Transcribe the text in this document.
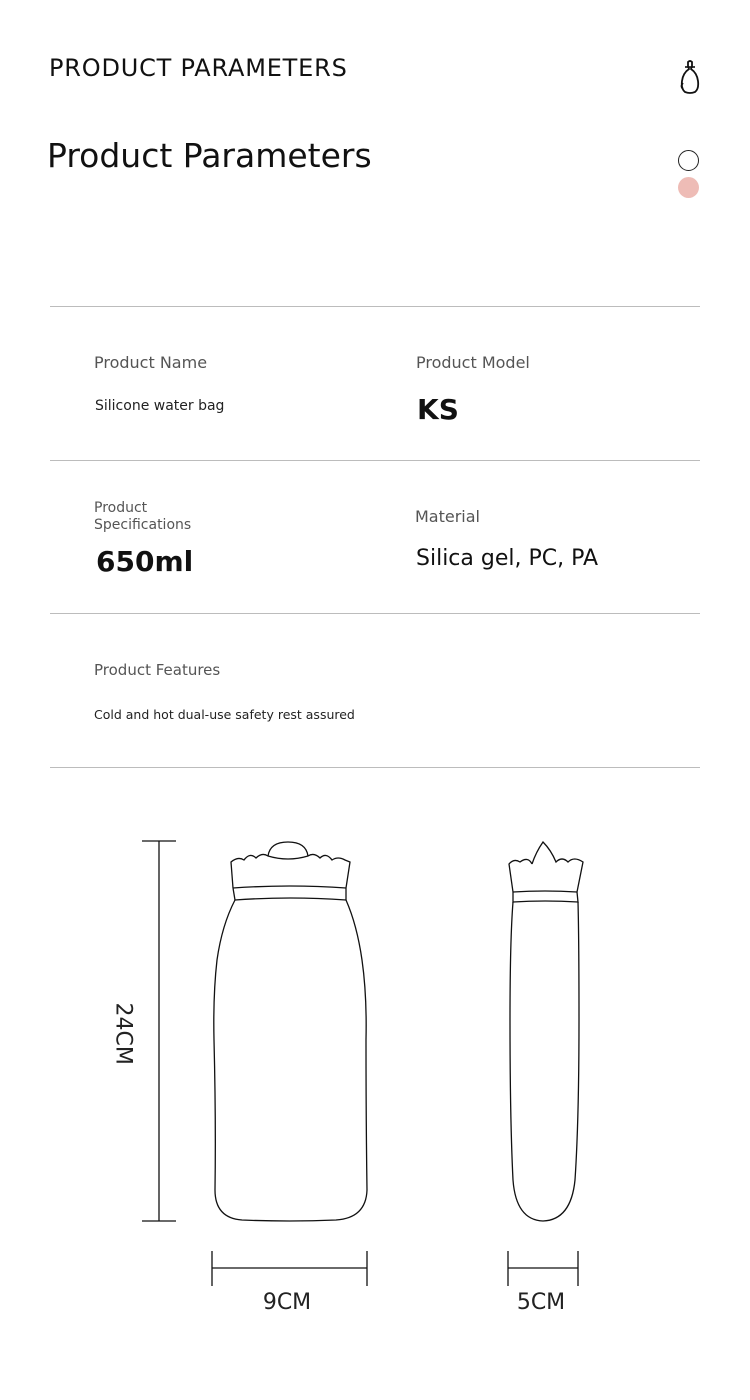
PRODUCT PARAMETERS
Product Parameters
Product Name
Silicone water bag
Product Model
KS
Product
Specifications
650ml
Material
Silica gel, PC, PA
Product Features
Cold and hot dual-use safety rest assured
24CM
9CM	5CM
